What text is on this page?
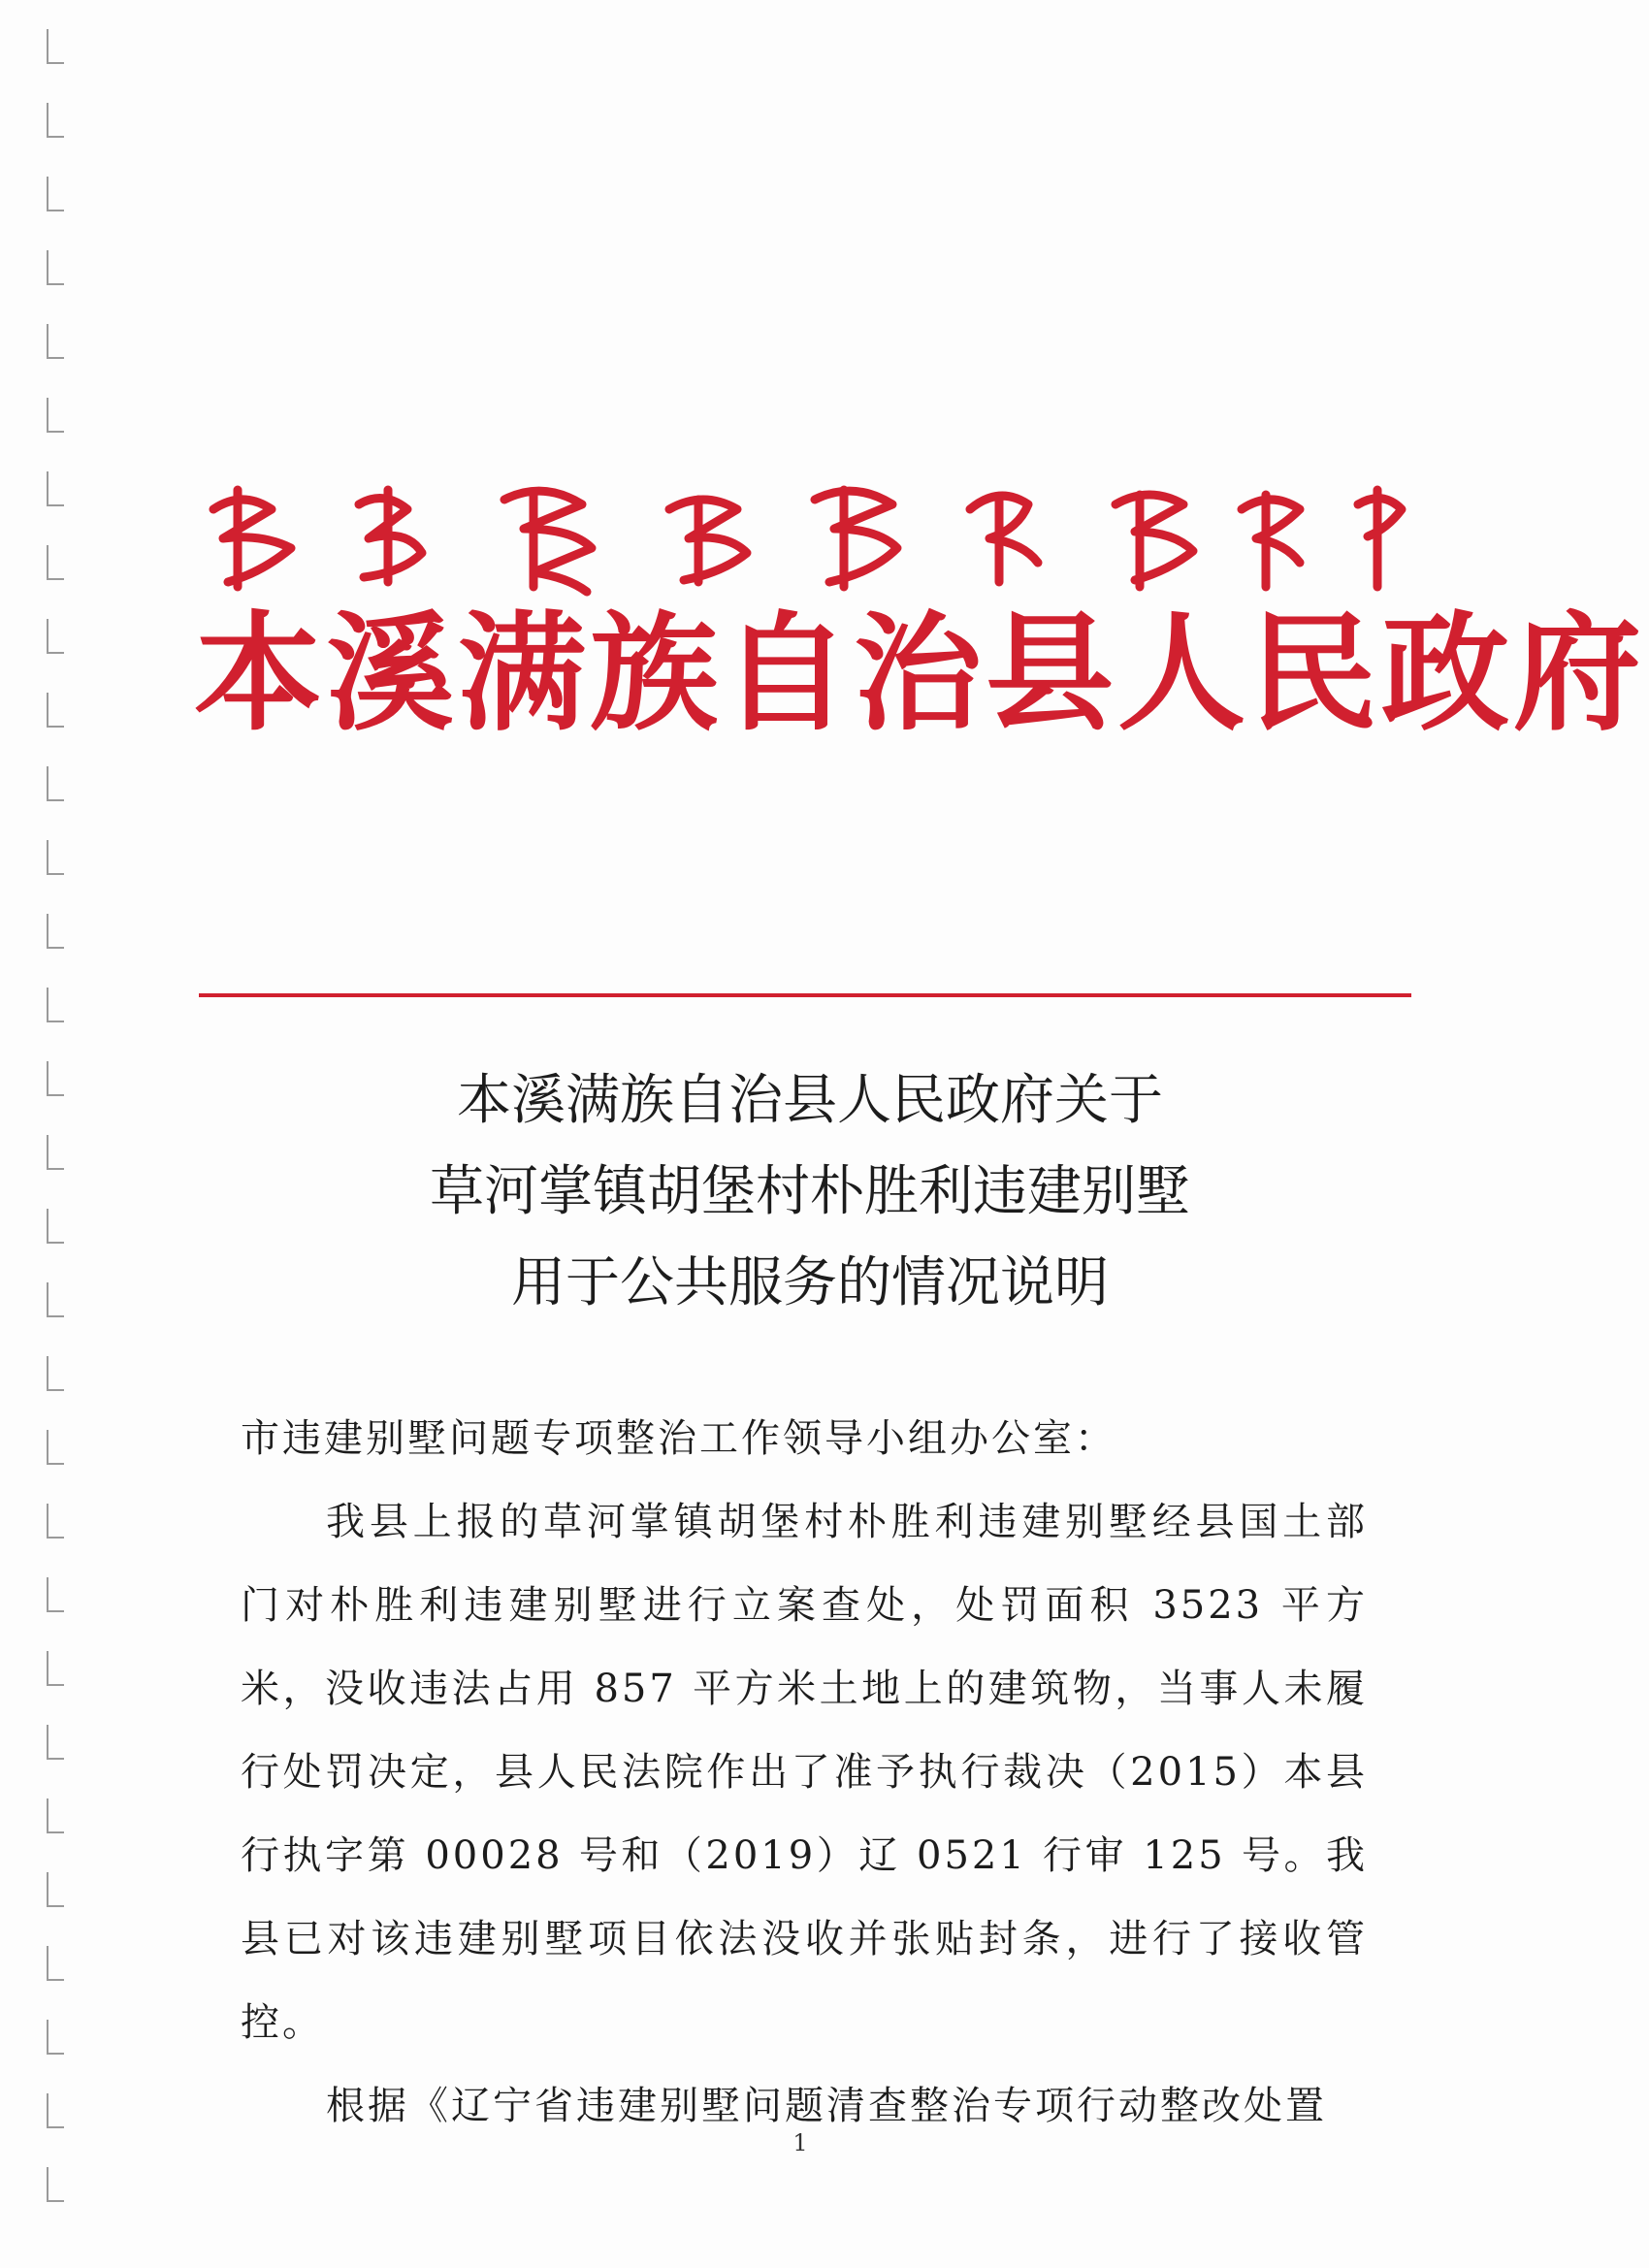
本溪满族自治县人民政府
本溪满族自治县人民政府关于
草河掌镇胡堡村朴胜利违建别墅
用于公共服务的情况说明

市违建别墅问题专项整治工作领导小组办公室：

我县上报的草河掌镇胡堡村朴胜利违建别墅经县国土部门对朴胜利违建别墅进行立案查处，处罚面积 3523 平方米，没收违法占用 857 平方米土地上的建筑物，当事人未履行处罚决定，县人民法院作出了准予执行裁决（2015）本县行执字第 00028 号和（2019）辽 0521 行审 125 号。我县已对该违建别墅项目依法没收并张贴封条，进行了接收管控。

根据《辽宁省违建别墅问题清查整治专项行动整改处置

1
